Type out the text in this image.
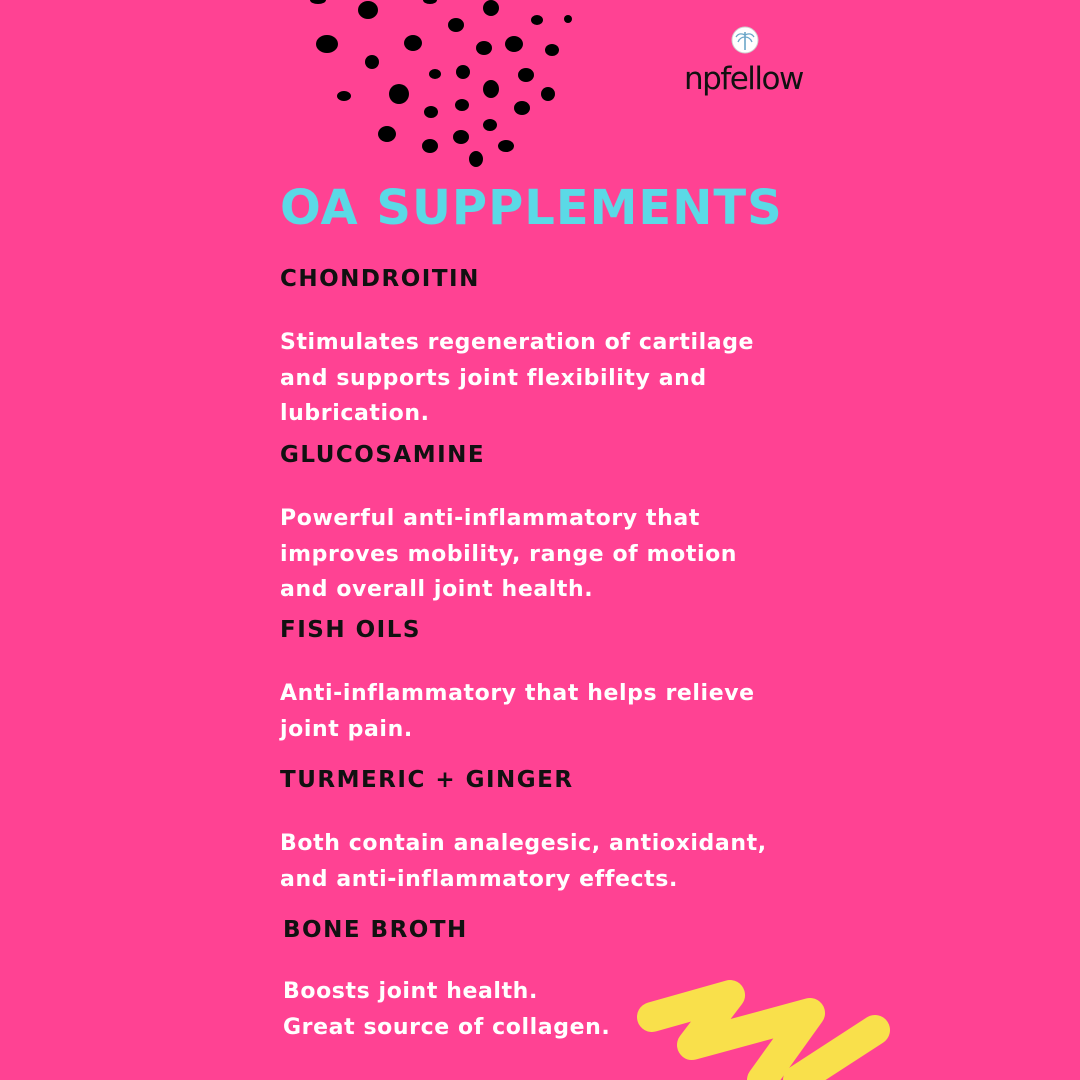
npfellow
OA SUPPLEMENTS
CHONDROITIN

Stimulates regeneration of cartilage
and supports joint flexibility and
lubrication.

GLUCOSAMINE

Powerful anti-inflammatory that
improves mobility, range of motion
and overall joint health.

FISH OILS

Anti-inflammatory that helps relieve
joint pain.

TURMERIC + GINGER

Both contain analegesic, antioxidant,
and anti-inflammatory effects.

BONE BROTH

Boosts joint health.
Great source of collagen.
